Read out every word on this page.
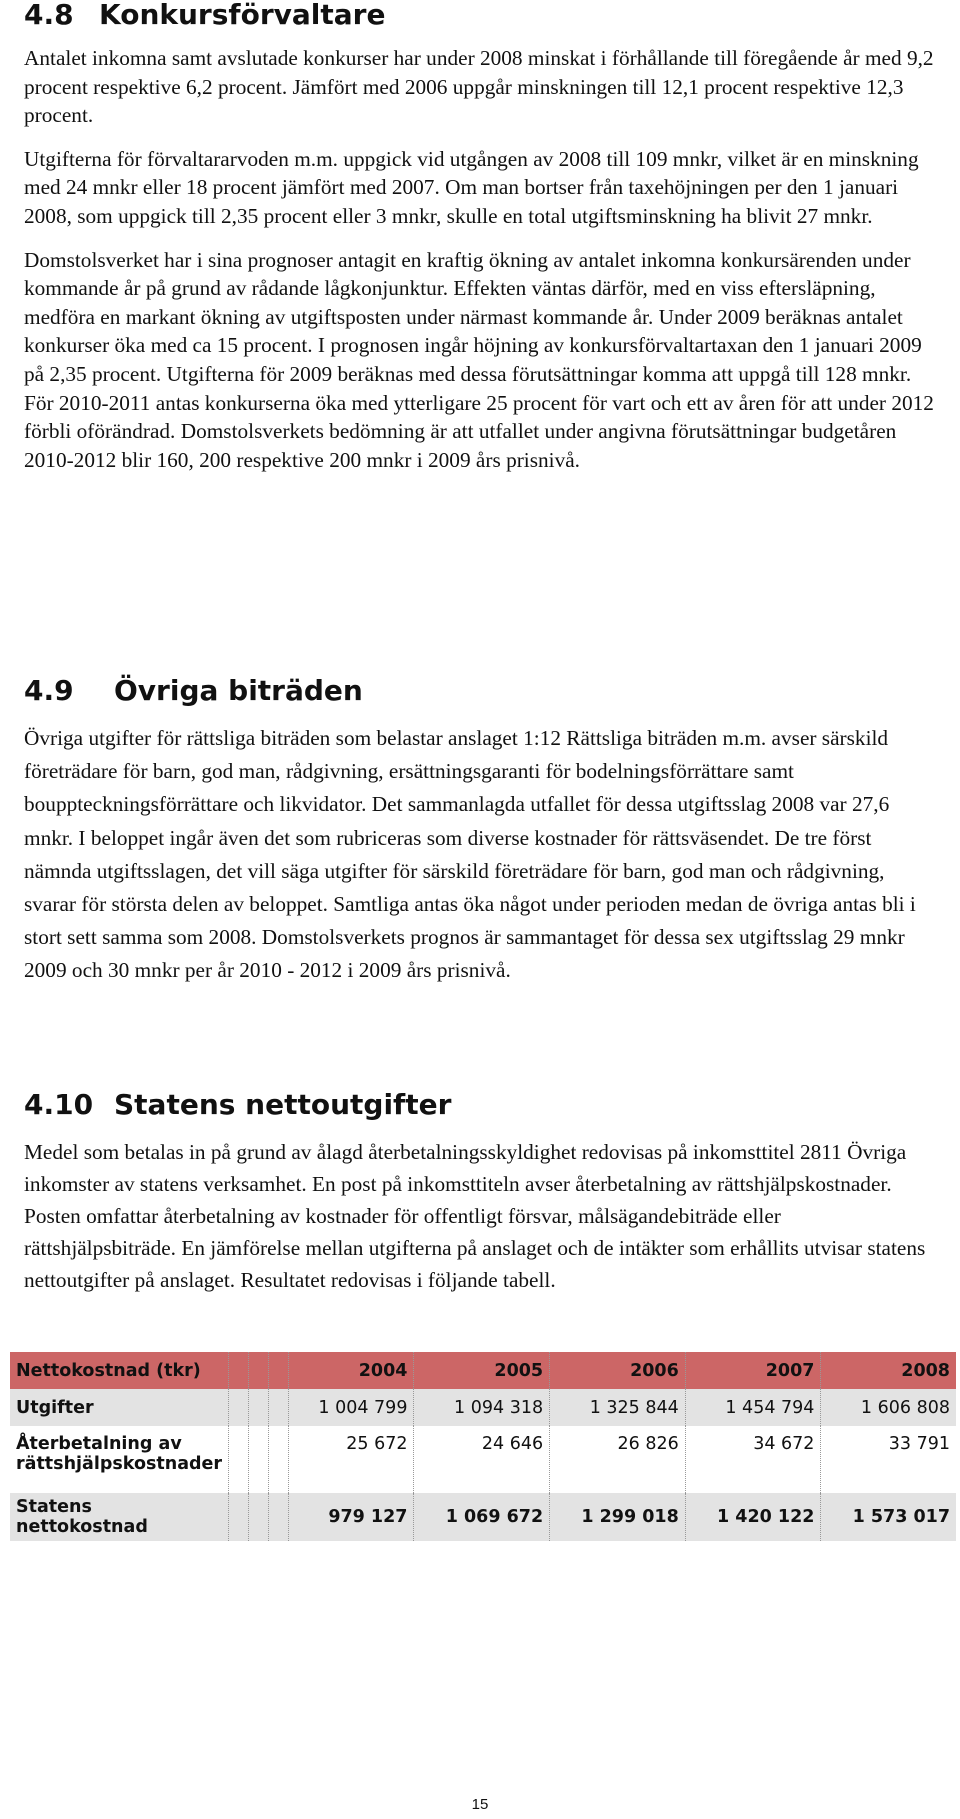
4.8 Konkursförvaltare

Antalet inkomna samt avslutade konkurser har under 2008 minskat i förhållande till föregående år med 9,2 procent respektive 6,2 procent. Jämfört med 2006 uppgår minskningen till 12,1 procent respektive 12,3 procent.

Utgifterna för förvaltararvoden m.m. uppgick vid utgången av 2008 till 109 mnkr, vilket är en minskning med 24 mnkr eller 18 procent jämfört med 2007. Om man bortser från taxehöjningen per den 1 januari 2008, som uppgick till 2,35 procent eller 3 mnkr, skulle en total utgiftsminskning ha blivit 27 mnkr.

Domstolsverket har i sina prognoser antagit en kraftig ökning av antalet inkomna konkursärenden under kommande år på grund av rådande lågkonjunktur. Effekten väntas därför, med en viss eftersläpning, medföra en markant ökning av utgiftsposten under närmast kommande år. Under 2009 beräknas antalet konkurser öka med ca 15 procent. I prognosen ingår höjning av konkursförvaltartaxan den 1 januari 2009 på 2,35 procent. Utgifterna för 2009 beräknas med dessa förutsättningar komma att uppgå till 128 mnkr. För 2010-2011 antas konkurserna öka med ytterligare 25 procent för vart och ett av åren för att under 2012 förbli oförändrad. Domstolsverkets bedömning är att utfallet under angivna förutsättningar budgetåren 2010-2012 blir 160, 200 respektive 200 mnkr i 2009 års prisnivå.

4.9 Övriga biträden

Övriga utgifter för rättsliga biträden som belastar anslaget 1:12 Rättsliga biträden m.m. avser särskild företrädare för barn, god man, rådgivning, ersättningsgaranti för bodelningsförrättare samt bouppteckningsförrättare och likvidator. Det sammanlagda utfallet för dessa utgiftsslag 2008 var 27,6 mnkr. I beloppet ingår även det som rubriceras som diverse kostnader för rättsväsendet. De tre först nämnda utgiftsslagen, det vill säga utgifter för särskild företrädare för barn, god man och rådgivning, svarar för största delen av beloppet. Samtliga antas öka något under perioden medan de övriga antas bli i stort sett samma som 2008. Domstolsverkets prognos är sammantaget för dessa sex utgiftsslag 29 mnkr 2009 och 30 mnkr per år 2010 - 2012 i 2009 års prisnivå.

4.10 Statens nettoutgifter

Medel som betalas in på grund av ålagd återbetalningsskyldighet redovisas på inkomsttitel 2811 Övriga inkomster av statens verksamhet. En post på inkomsttiteln avser återbetalning av rättshjälpskostnader. Posten omfattar återbetalning av kostnader för offentligt försvar, målsägandebiträde eller rättshjälpsbiträde. En jämförelse mellan utgifterna på anslaget och de intäkter som erhållits utvisar statens nettoutgifter på anslaget. Resultatet redovisas i följande tabell.

Nettokostnad (tkr)				2004	2005	2006	2007	2008
Utgifter				1 004 799	1 094 318	1 325 844	1 454 794	1 606 808
Återbetalning av rättshjälpskostnader				25 672	24 646	26 826	34 672	33 791
Statens nettokostnad				979 127	1 069 672	1 299 018	1 420 122	1 573 017
15
